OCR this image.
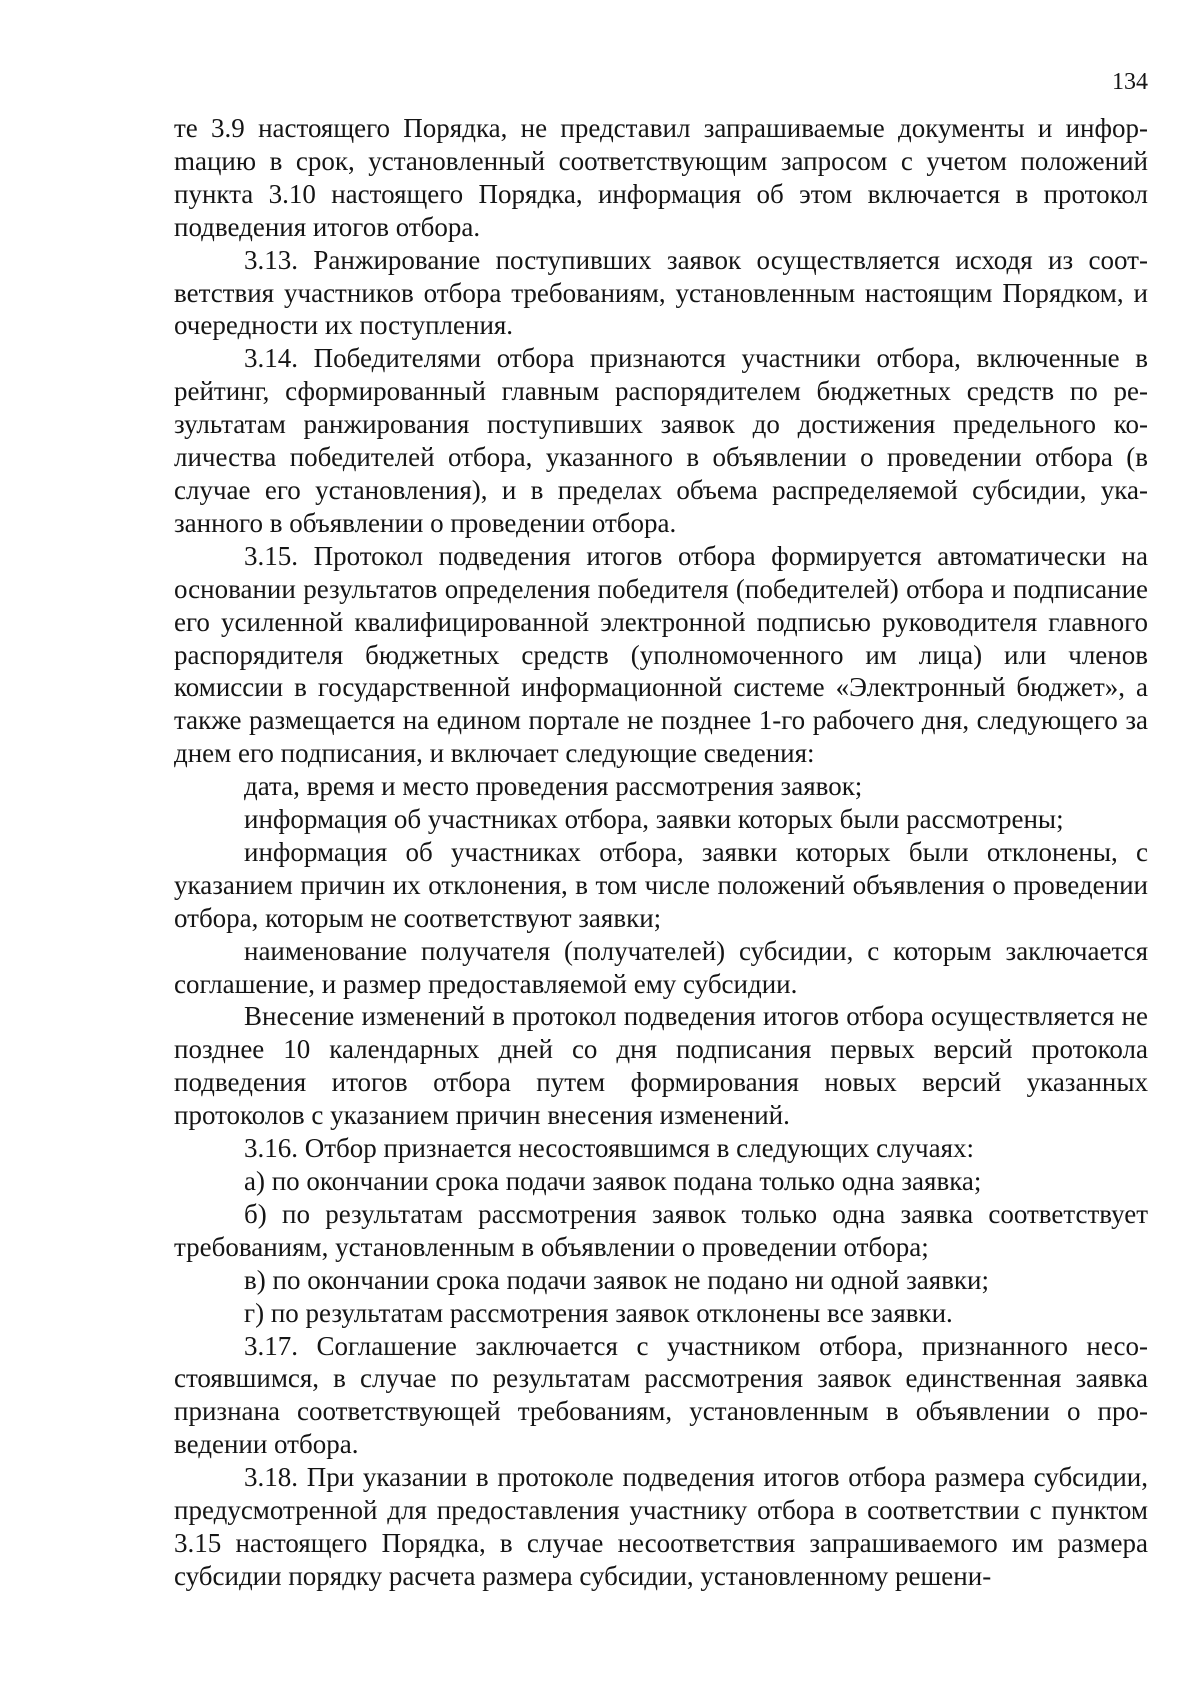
134

те 3.9 настоящего Порядка, не представил запрашиваемые документы и инфорmацию в срок, установленный соответствующим запросом с учетом положений пункта 3.10 настоящего Порядка, информация об этом включается в протокол подведения итогов отбора.

3.13. Ранжирование поступивших заявок осуществляется исходя из соответствия участников отбора требованиям, установленным настоящим Порядком, и очередности их поступления.

3.14. Победителями отбора признаются участники отбора, включенные в рейтинг, сформированный главным распорядителем бюджетных средств по результатам ранжирования поступивших заявок до достижения предельного количества победителей отбора, указанного в объявлении о проведении отбора (в случае его установления), и в пределах объема распределяемой субсидии, указанного в объявлении о проведении отбора.

3.15. Протокол подведения итогов отбора формируется автоматически на основании результатов определения победителя (победителей) отбора и подписание его усиленной квалифицированной электронной подписью руководителя главного распорядителя бюджетных средств (уполномоченного им лица) или членов комиссии в государственной информационной системе «Электронный бюджет», а также размещается на едином портале не позднее 1-го рабочего дня, следующего за днем его подписания, и включает следующие сведения:

дата, время и место проведения рассмотрения заявок;

информация об участниках отбора, заявки которых были рассмотрены;

информация об участниках отбора, заявки которых были отклонены, с указанием причин их отклонения, в том числе положений объявления о проведении отбора, которым не соответствуют заявки;

наименование получателя (получателей) субсидии, с которым заключается соглашение, и размер предоставляемой ему субсидии.

Внесение изменений в протокол подведения итогов отбора осуществляется не позднее 10 календарных дней со дня подписания первых версий протокола подведения итогов отбора путем формирования новых версий указанных протоколов с указанием причин внесения изменений.

3.16. Отбор признается несостоявшимся в следующих случаях:

а) по окончании срока подачи заявок подана только одна заявка;

б) по результатам рассмотрения заявок только одна заявка соответствует требованиям, установленным в объявлении о проведении отбора;

в) по окончании срока подачи заявок не подано ни одной заявки;

г) по результатам рассмотрения заявок отклонены все заявки.

3.17. Соглашение заключается с участником отбора, признанного несостоявшимся, в случае по результатам рассмотрения заявок единственная заявка признана соответствующей требованиям, установленным в объявлении о проведении отбора.

3.18. При указании в протоколе подведения итогов отбора размера субсидии, предусмотренной для предоставления участнику отбора в соответствии с пунктом 3.15 настоящего Порядка, в случае несоответствия запрашиваемого им размера субсидии порядку расчета размера субсидии, установленному решени-
